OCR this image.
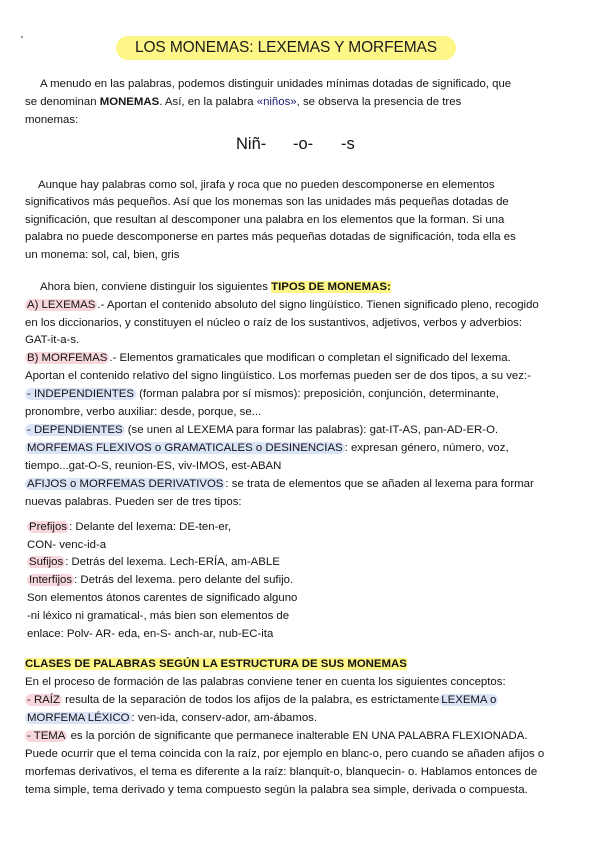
LOS MONEMAS: LEXEMAS Y MORFEMAS
A menudo en las palabras, podemos distinguir unidades mínimas dotadas de significado, que
se denominan MONEMAS. Así, en la palabra «niños», se observa la presencia de tres
monemas:
Niñ- -o- -s
Aunque hay palabras como sol, jirafa y roca que no pueden descomponerse en elementos
significativos más pequeños. Así que los monemas son las unidades más pequeñas dotadas de
significación, que resultan al descomponer una palabra en los elementos que la forman. Si una
palabra no puede descomponerse en partes más pequeñas dotadas de significación, toda ella es
un monema: sol, cal, bien, gris
Ahora bien, conviene distinguir los siguientes TIPOS DE MONEMAS:
A) LEXEMAS .- Aportan el contenido absoluto del signo lingüístico. Tienen significado pleno, recogido
en los diccionarios, y constituyen el núcleo o raíz de los sustantivos, adjetivos, verbos y adverbios:
GAT-it-a-s.
B) MORFEMAS .- Elementos gramaticales que modifican o completan el significado del lexema.
Aportan el contenido relativo del signo lingüístico. Los morfemas pueden ser de dos tipos, a su vez:-
- INDEPENDIENTES (forman palabra por sí mismos): preposición, conjunción, determinante,
pronombre, verbo auxiliar: desde, porque, se...
- DEPENDIENTES (se unen al LEXEMA para formar las palabras): gat-IT-AS, pan-AD-ER-O.
MORFEMAS FLEXIVOS o GRAMATICALES o DESINENCIAS : expresan género, número, voz,
tiempo...gat-O-S, reunion-ES, viv-IMOS, est-ABAN
AFIJOS o MORFEMAS DERIVATIVOS : se trata de elementos que se añaden al lexema para formar
nuevas palabras. Pueden ser de tres tipos:
Prefijos : Delante del lexema: DE-ten-er,
CON- venc-id-a
Sufijos : Detrás del lexema. Lech-ERÍA, am-ABLE
Interfijos : Detrás del lexema. pero delante del sufijo.
Son elementos átonos carentes de significado alguno
-ni léxico ni gramatical-, más bien son elementos de
enlace: Polv- AR- eda, en-S- anch-ar, nub-EC-ita
CLASES DE PALABRAS SEGÚN LA ESTRUCTURA DE SUS MONEMAS
En el proceso de formación de las palabras conviene tener en cuenta los siguientes conceptos:
- RAÍZ resulta de la separación de todos los afijos de la palabra, es estrictamente LEXEMA o
MORFEMA LÉXICO : ven-ida, conserv-ador, am-ábamos.
- TEMA es la porción de significante que permanece inalterable EN UNA PALABRA FLEXIONADA.
Puede ocurrir que el tema coincida con la raíz, por ejemplo en blanc-o, pero cuando se añaden afijos o
morfemas derivativos, el tema es diferente a la raíz: blanquit-o, blanquecin- o. Hablamos entonces de
tema simple, tema derivado y tema compuesto según la palabra sea simple, derivada o compuesta.
